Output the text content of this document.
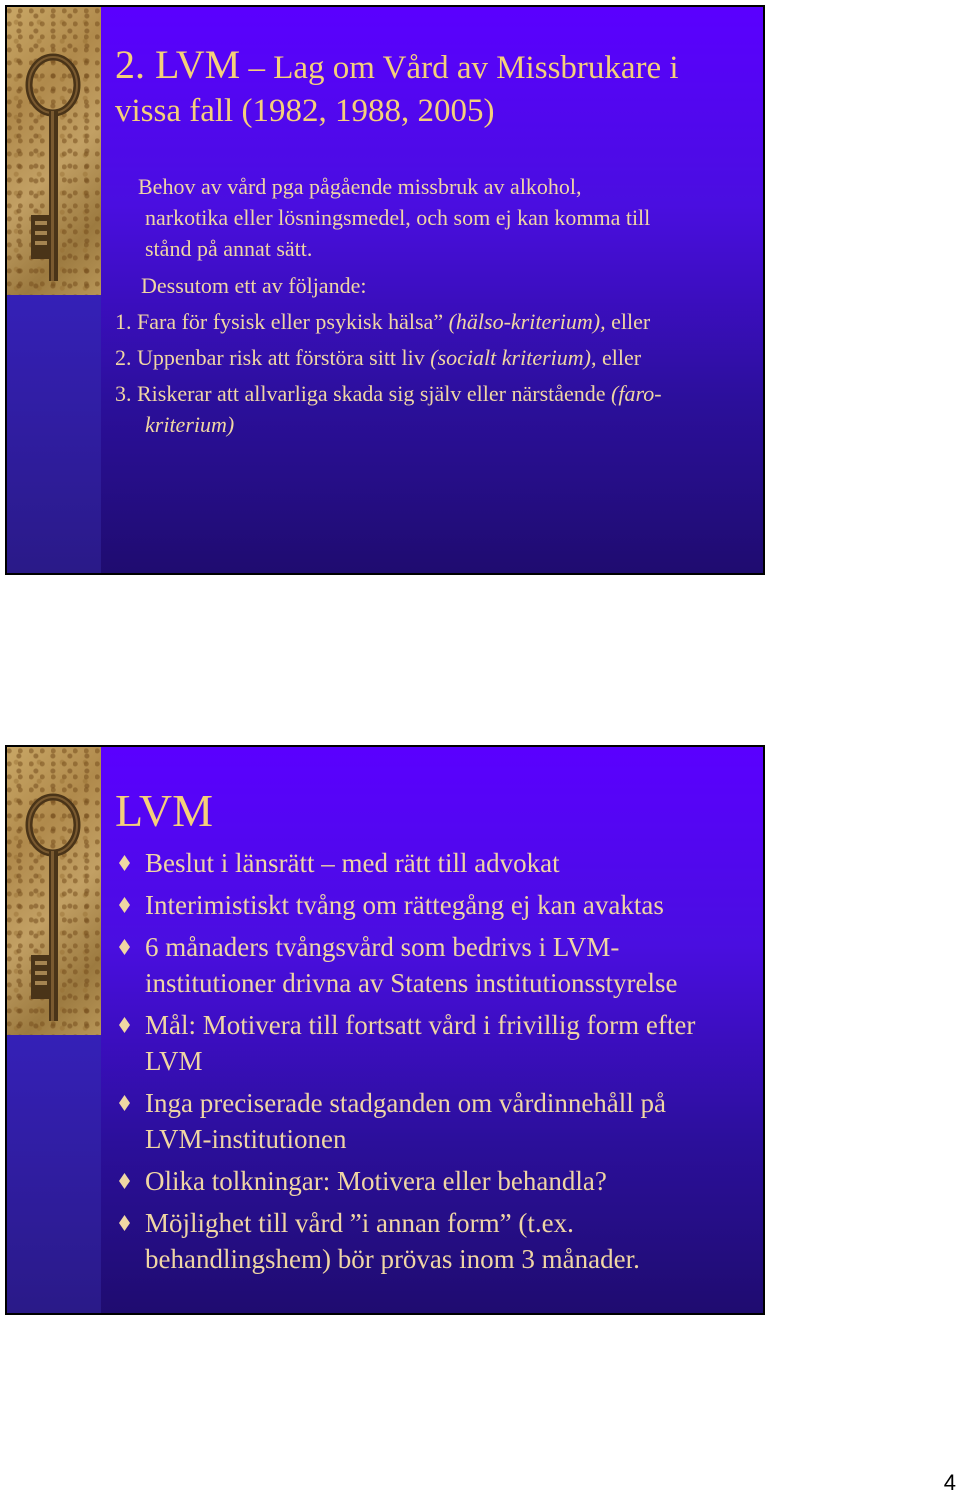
2. LVM – Lag om Vård av Missbrukare i vissa fall (1982, 1988, 2005)
Behov av vård pga pågående missbruk av alkohol,
narkotika eller lösningsmedel, och som ej kan komma till
stånd på annat sätt.
Dessutom ett av följande:
1. Fara för fysisk eller psykisk hälsa” (hälso-kriterium), eller
2. Uppenbar risk att förstöra sitt liv (socialt kriterium), eller
3. Riskerar att allvarliga skada sig själv eller närstående (faro-
kriterium)
LVM
Beslut i länsrätt – med rätt till advokat
Interimistiskt tvång om rättegång ej kan avaktas
6 månaders tvångsvård som bedrivs i LVM-
institutioner drivna av Statens institutionsstyrelse
Mål: Motivera till fortsatt vård i frivillig form efter
LVM
Inga preciserade stadganden om vårdinnehåll på
LVM-institutionen
Olika tolkningar: Motivera eller behandla?
Möjlighet till vård ”i annan form” (t.ex.
behandlingshem) bör prövas inom 3 månader.
4
